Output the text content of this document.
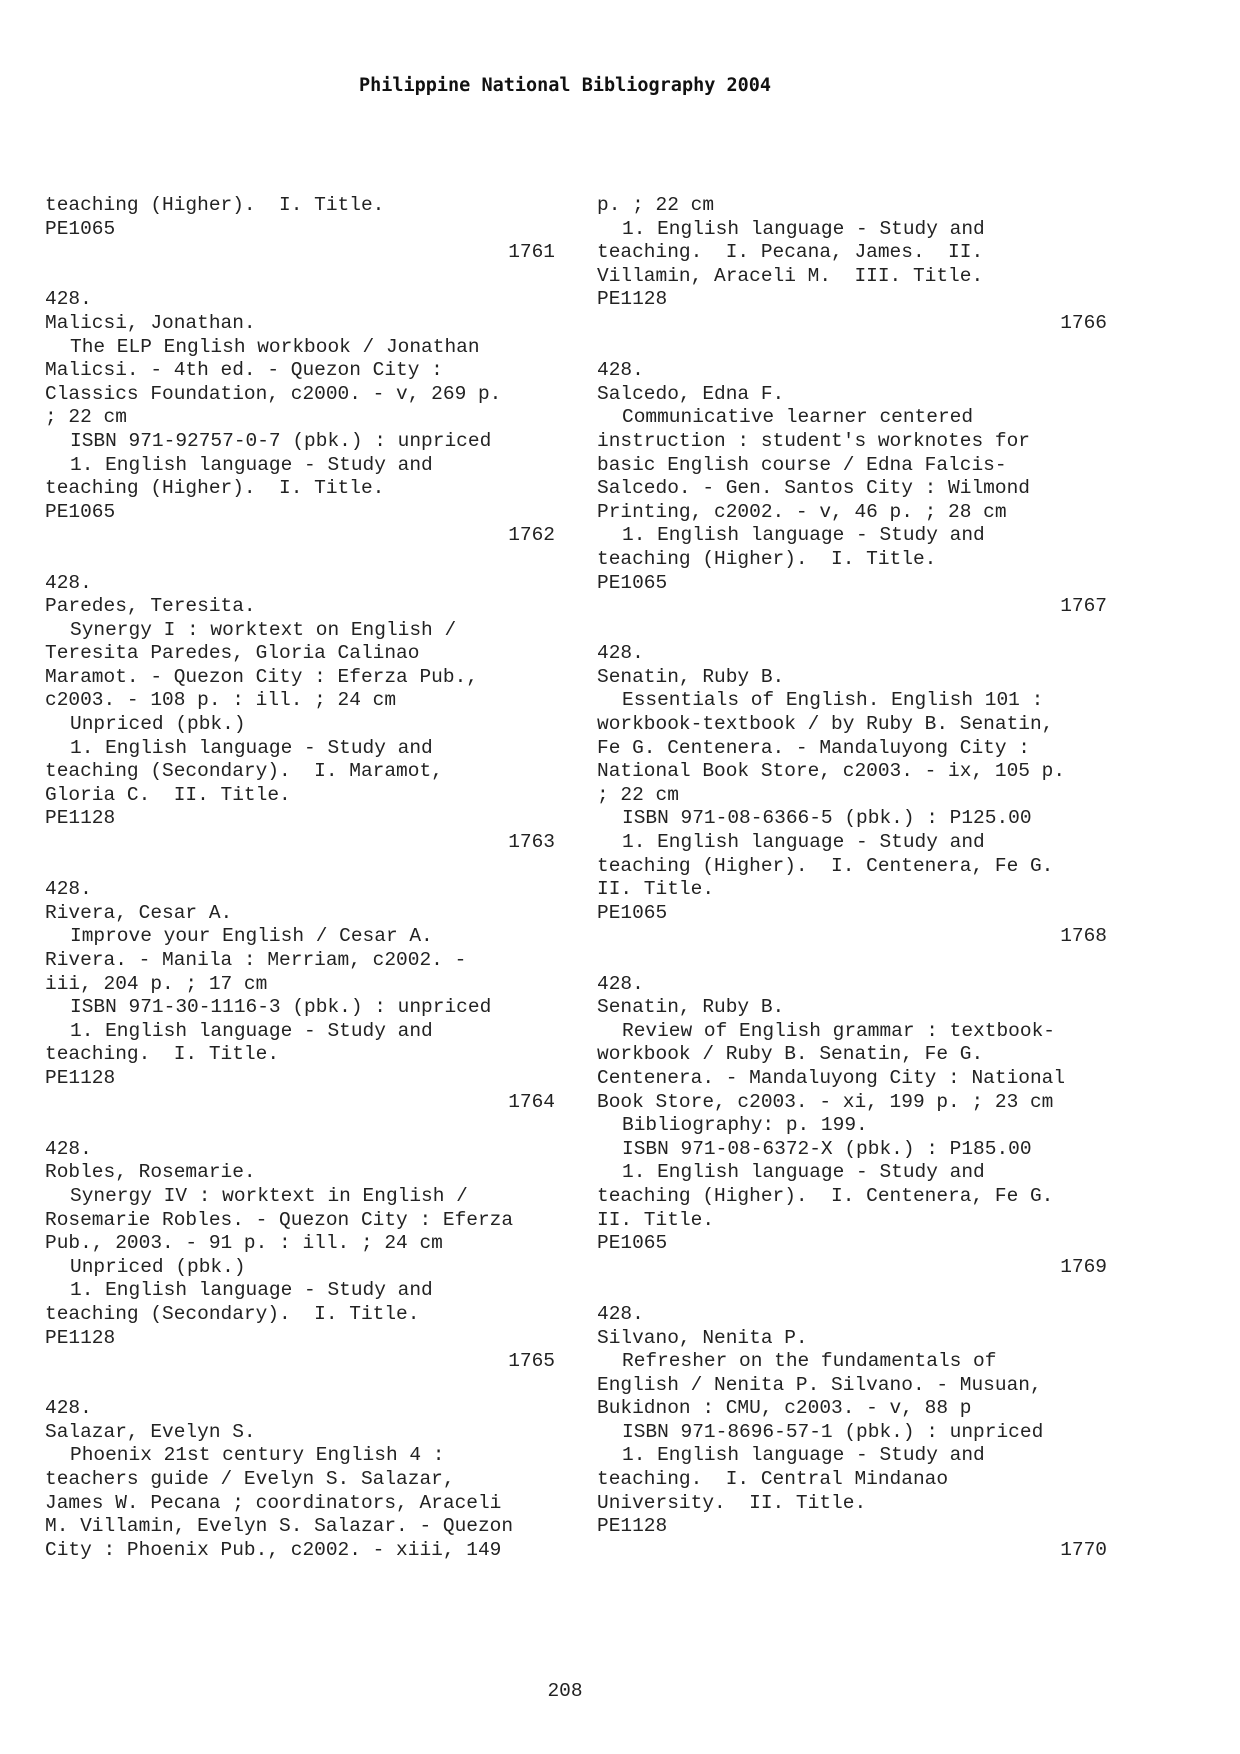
Philippine National Bibliography 2004
teaching (Higher).  I. Title.
PE1065
1761
428.
Malicsi, Jonathan.
The ELP English workbook / Jonathan
Malicsi. - 4th ed. - Quezon City :
Classics Foundation, c2000. - v, 269 p.
; 22 cm
ISBN 971-92757-0-7 (pbk.) : unpriced
1. English language - Study and
teaching (Higher).  I. Title.
PE1065
1762
428.
Paredes, Teresita.
Synergy I : worktext on English /
Teresita Paredes, Gloria Calinao
Maramot. - Quezon City : Eferza Pub.,
c2003. - 108 p. : ill. ; 24 cm
Unpriced (pbk.)
1. English language - Study and
teaching (Secondary).  I. Maramot,
Gloria C.  II. Title.
PE1128
1763
428.
Rivera, Cesar A.
Improve your English / Cesar A.
Rivera. - Manila : Merriam, c2002. -
iii, 204 p. ; 17 cm
ISBN 971-30-1116-3 (pbk.) : unpriced
1. English language - Study and
teaching.  I. Title.
PE1128
1764
428.
Robles, Rosemarie.
Synergy IV : worktext in English /
Rosemarie Robles. - Quezon City : Eferza
Pub., 2003. - 91 p. : ill. ; 24 cm
Unpriced (pbk.)
1. English language - Study and
teaching (Secondary).  I. Title.
PE1128
1765
428.
Salazar, Evelyn S.
Phoenix 21st century English 4 :
teachers guide / Evelyn S. Salazar,
James W. Pecana ; coordinators, Araceli
M. Villamin, Evelyn S. Salazar. - Quezon
City : Phoenix Pub., c2002. - xiii, 149
p. ; 22 cm
1. English language - Study and
teaching.  I. Pecana, James.  II.
Villamin, Araceli M.  III. Title.
PE1128
1766
428.
Salcedo, Edna F.
Communicative learner centered
instruction : student's worknotes for
basic English course / Edna Falcis-
Salcedo. - Gen. Santos City : Wilmond
Printing, c2002. - v, 46 p. ; 28 cm
1. English language - Study and
teaching (Higher).  I. Title.
PE1065
1767
428.
Senatin, Ruby B.
Essentials of English. English 101 :
workbook-textbook / by Ruby B. Senatin,
Fe G. Centenera. - Mandaluyong City :
National Book Store, c2003. - ix, 105 p.
; 22 cm
ISBN 971-08-6366-5 (pbk.) : P125.00
1. English language - Study and
teaching (Higher).  I. Centenera, Fe G.
II. Title.
PE1065
1768
428.
Senatin, Ruby B.
Review of English grammar : textbook-
workbook / Ruby B. Senatin, Fe G.
Centenera. - Mandaluyong City : National
Book Store, c2003. - xi, 199 p. ; 23 cm
Bibliography: p. 199.
ISBN 971-08-6372-X (pbk.) : P185.00
1. English language - Study and
teaching (Higher).  I. Centenera, Fe G.
II. Title.
PE1065
1769
428.
Silvano, Nenita P.
Refresher on the fundamentals of
English / Nenita P. Silvano. - Musuan,
Bukidnon : CMU, c2003. - v, 88 p
ISBN 971-8696-57-1 (pbk.) : unpriced
1. English language - Study and
teaching.  I. Central Mindanao
University.  II. Title.
PE1128
1770
208
